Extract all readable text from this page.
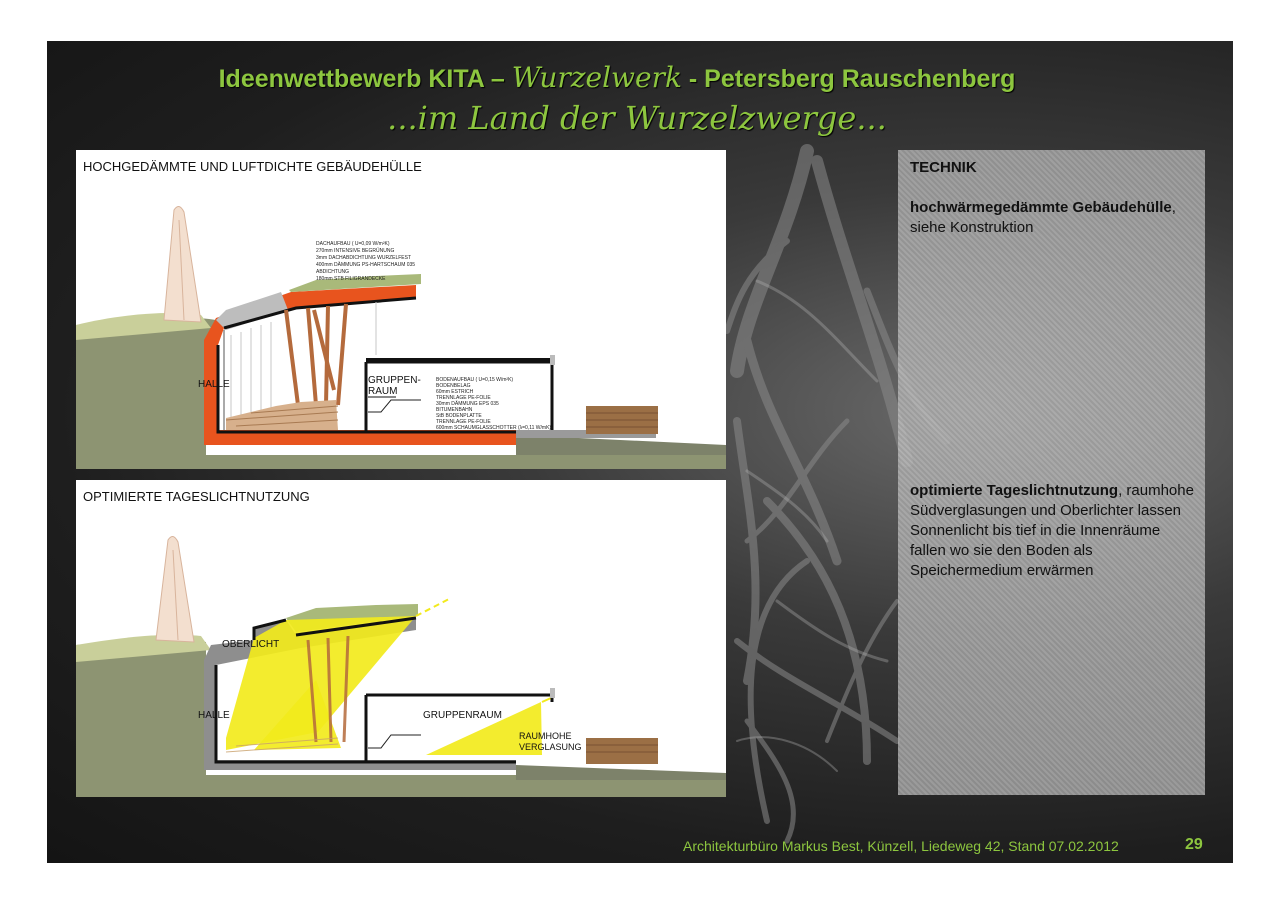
Ideenwettbewerb KITA – Wurzelwerk - Petersberg Rauschenberg
...im Land der Wurzelzwerge...
HOCHGEDÄMMTE UND LUFTDICHTE GEBÄUDEHÜLLE
HALLE	GRUPPEN-
RAUM
DACHAUFBAU ( U=0,09 W/m²K)
270mm INTENSIVE BEGRÜNUNG
3mm DACHABDICHTUNG WURZELFEST
400mm DÄMMUNG PS-HARTSCHAUM 035
ABDICHTUNG
180mm STB FILIGRANDECKE
BODENAUFBAU ( U=0,15 W/m²K)
BODENBELAG
60mm ESTRICH
TRENNLAGE PE-FOLIE
30mm DÄMMUNG EPS 035
BITUMENBAHN
StB BODENPLATTE
TRENNLAGE PE-FOLIE
600mm SCHAUMGLASSCHOTTER (λ=0,11 W/mK)
OPTIMIERTE TAGESLICHTNUTZUNG
OBERLICHT
HALLE	GRUPPENRAUM
RAUMHOHE
VERGLASUNG
TECHNIK
hochwärmegedämmte Gebäudehülle, siehe Konstruktion
optimierte Tageslichtnutzung, raumhohe Südverglasungen und Oberlichter lassen Sonnenlicht bis tief in die Innenräume fallen wo sie den Boden als Speichermedium erwärmen
Architekturbüro Markus Best, Künzell, Liedeweg 42, Stand 07.02.2012	29
